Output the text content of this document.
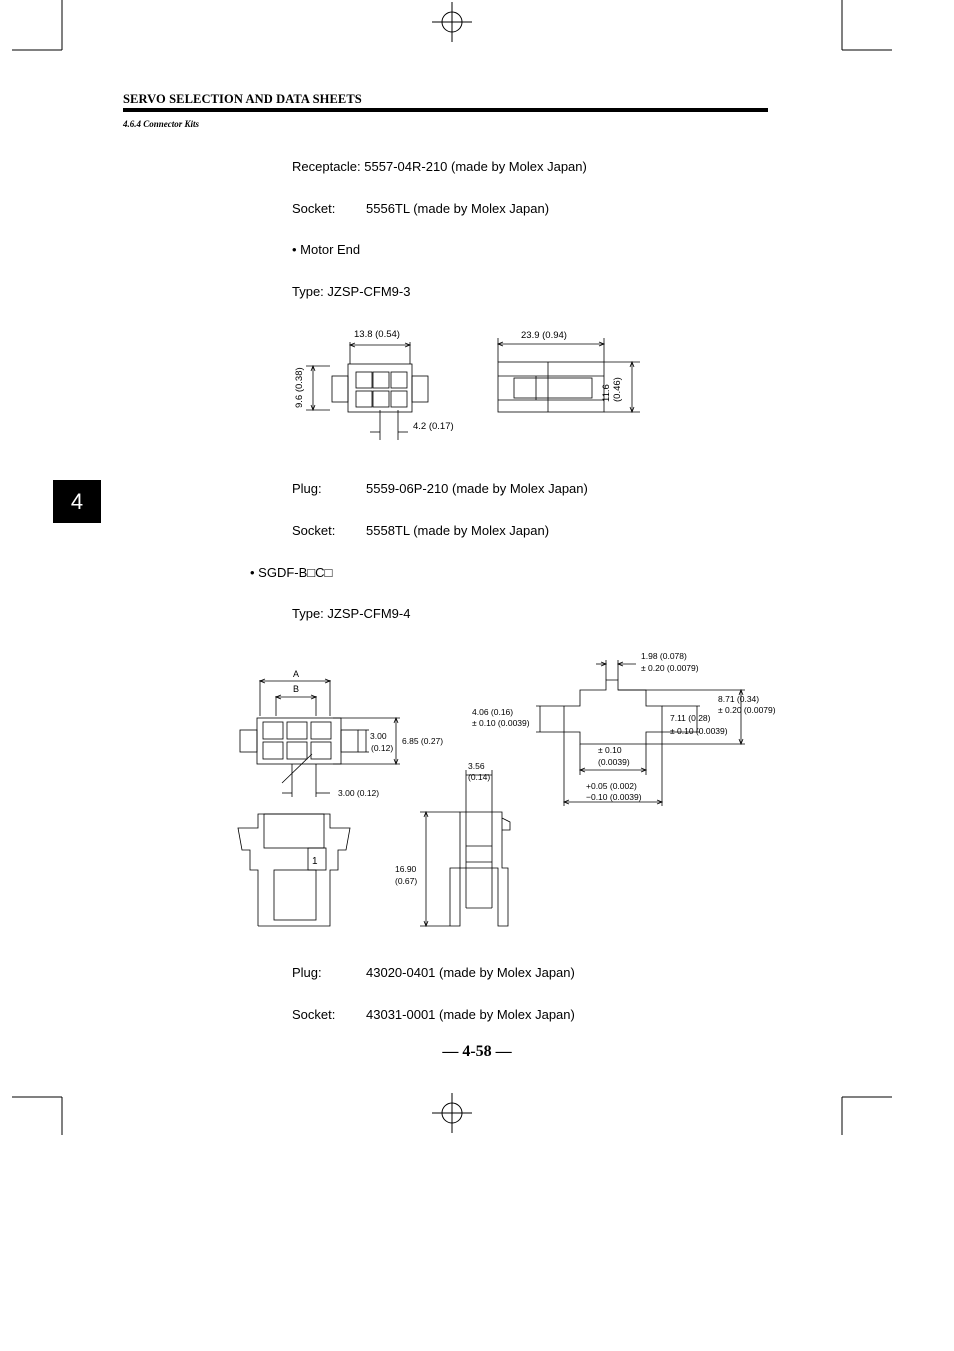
SERVO SELECTION AND DATA SHEETS
4.6.4 Connector Kits
4
Receptacle: 5557-04R-210 (made by Molex Japan)
Socket: 5556TL (made by Molex Japan)
• Motor End
Type: JZSP-CFM9-3
Plug:	5559-06P-210 (made by Molex Japan)
Socket: 5558TL (made by Molex Japan)
• SGDF-B□C□
Type: JZSP-CFM9-4
Plug:	43020-0401 (made by Molex Japan)
Socket: 43031-0001 (made by Molex Japan)
13.8 (0.54)
9.6 (0.38)
4.2 (0.17)
23.9 (0.94)
11.6 (0.46)
A
B
3.00
(0.12)
6.85 (0.27)
3.00 (0.12)
1
1.98 (0.078)
± 0.20 (0.0079)
4.06 (0.16)
± 0.10 (0.0039)
8.71 (0.34)
± 0.20 (0.0079)
7.11 (0.28)
± 0.10 (0.0039)
± 0.10
(0.0039)
+0.05 (0.002)
−0.10 (0.0039)
3.56
(0.14)
16.90
(0.67)
— 4-58 —
